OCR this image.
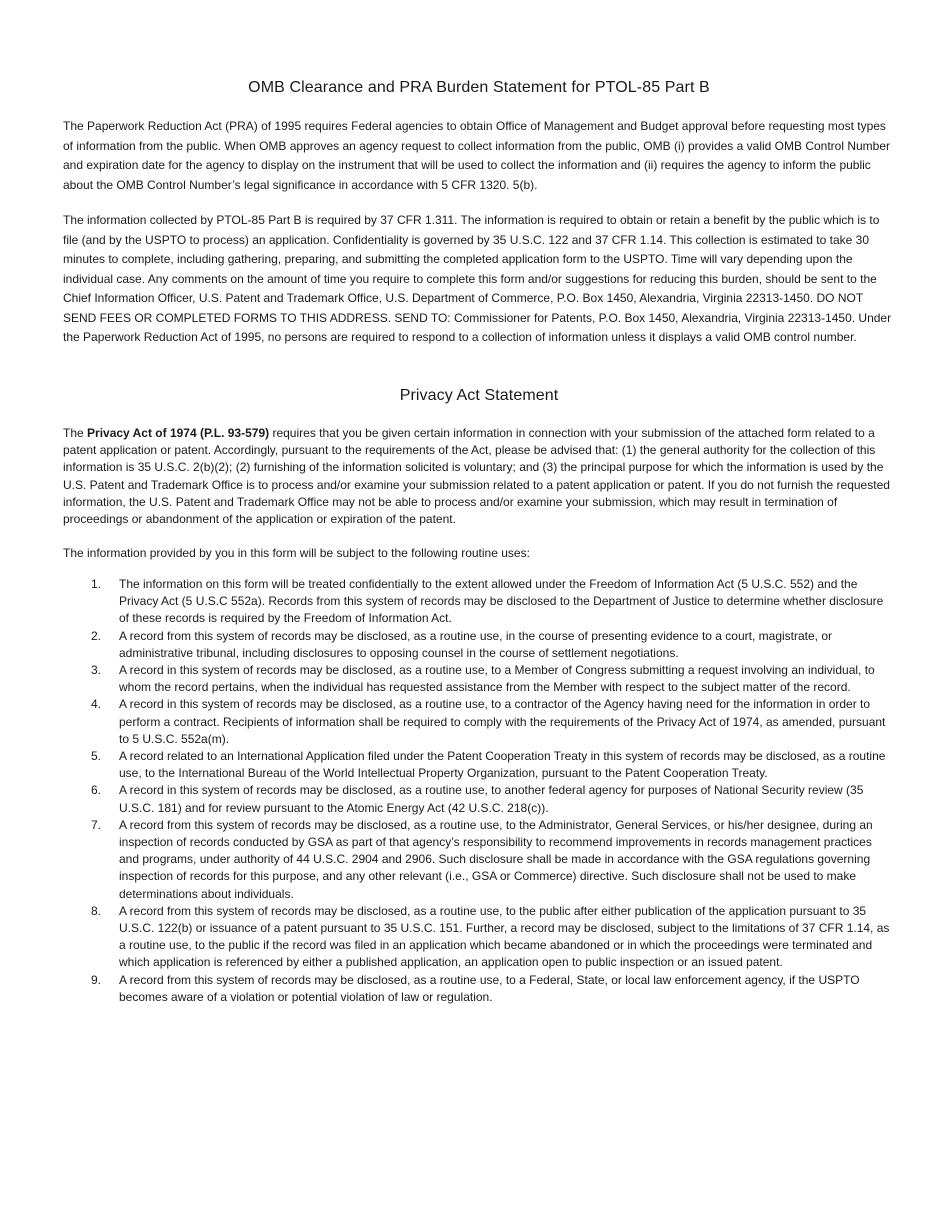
OMB Clearance and PRA Burden Statement for PTOL-85 Part B

The Paperwork Reduction Act (PRA) of 1995 requires Federal agencies to obtain Office of Management and Budget approval before requesting most types of information from the public. When OMB approves an agency request to collect information from the public, OMB (i) provides a valid OMB Control Number and expiration date for the agency to display on the instrument that will be used to collect the information and (ii) requires the agency to inform the public about the OMB Control Number’s legal significance in accordance with 5 CFR 1320. 5(b).

The information collected by PTOL-85 Part B is required by 37 CFR 1.311. The information is required to obtain or retain a benefit by the public which is to file (and by the USPTO to process) an application. Confidentiality is governed by 35 U.S.C. 122 and 37 CFR 1.14. This collection is estimated to take 30 minutes to complete, including gathering, preparing, and submitting the completed application form to the USPTO. Time will vary depending upon the individual case. Any comments on the amount of time you require to complete this form and/or suggestions for reducing this burden, should be sent to the Chief Information Officer, U.S. Patent and Trademark Office, U.S. Department of Commerce, P.O. Box 1450, Alexandria, Virginia 22313-1450. DO NOT SEND FEES OR COMPLETED FORMS TO THIS ADDRESS. SEND TO: Commissioner for Patents, P.O. Box 1450, Alexandria, Virginia 22313-1450. Under the Paperwork Reduction Act of 1995, no persons are required to respond to a collection of information unless it displays a valid OMB control number.

Privacy Act Statement

The Privacy Act of 1974 (P.L. 93-579) requires that you be given certain information in connection with your submission of the attached form related to a patent application or patent. Accordingly, pursuant to the requirements of the Act, please be advised that: (1) the general authority for the collection of this information is 35 U.S.C. 2(b)(2); (2) furnishing of the information solicited is voluntary; and (3) the principal purpose for which the information is used by the U.S. Patent and Trademark Office is to process and/or examine your submission related to a patent application or patent. If you do not furnish the requested information, the U.S. Patent and Trademark Office may not be able to process and/or examine your submission, which may result in termination of proceedings or abandonment of the application or expiration of the patent.

The information provided by you in this form will be subject to the following routine uses:

1. The information on this form will be treated confidentially to the extent allowed under the Freedom of Information Act (5 U.S.C. 552) and the Privacy Act (5 U.S.C 552a). Records from this system of records may be disclosed to the Department of Justice to determine whether disclosure of these records is required by the Freedom of Information Act.
2. A record from this system of records may be disclosed, as a routine use, in the course of presenting evidence to a court, magistrate, or administrative tribunal, including disclosures to opposing counsel in the course of settlement negotiations.
3. A record in this system of records may be disclosed, as a routine use, to a Member of Congress submitting a request involving an individual, to whom the record pertains, when the individual has requested assistance from the Member with respect to the subject matter of the record.
4. A record in this system of records may be disclosed, as a routine use, to a contractor of the Agency having need for the information in order to perform a contract. Recipients of information shall be required to comply with the requirements of the Privacy Act of 1974, as amended, pursuant to 5 U.S.C. 552a(m).
5. A record related to an International Application filed under the Patent Cooperation Treaty in this system of records may be disclosed, as a routine use, to the International Bureau of the World Intellectual Property Organization, pursuant to the Patent Cooperation Treaty.
6. A record in this system of records may be disclosed, as a routine use, to another federal agency for purposes of National Security review (35 U.S.C. 181) and for review pursuant to the Atomic Energy Act (42 U.S.C. 218(c)).
7. A record from this system of records may be disclosed, as a routine use, to the Administrator, General Services, or his/her designee, during an inspection of records conducted by GSA as part of that agency’s responsibility to recommend improvements in records management practices and programs, under authority of 44 U.S.C. 2904 and 2906. Such disclosure shall be made in accordance with the GSA regulations governing inspection of records for this purpose, and any other relevant (i.e., GSA or Commerce) directive. Such disclosure shall not be used to make determinations about individuals.
8. A record from this system of records may be disclosed, as a routine use, to the public after either publication of the application pursuant to 35 U.S.C. 122(b) or issuance of a patent pursuant to 35 U.S.C. 151. Further, a record may be disclosed, subject to the limitations of 37 CFR 1.14, as a routine use, to the public if the record was filed in an application which became abandoned or in which the proceedings were terminated and which application is referenced by either a published application, an application open to public inspection or an issued patent.
9. A record from this system of records may be disclosed, as a routine use, to a Federal, State, or local law enforcement agency, if the USPTO becomes aware of a violation or potential violation of law or regulation.
